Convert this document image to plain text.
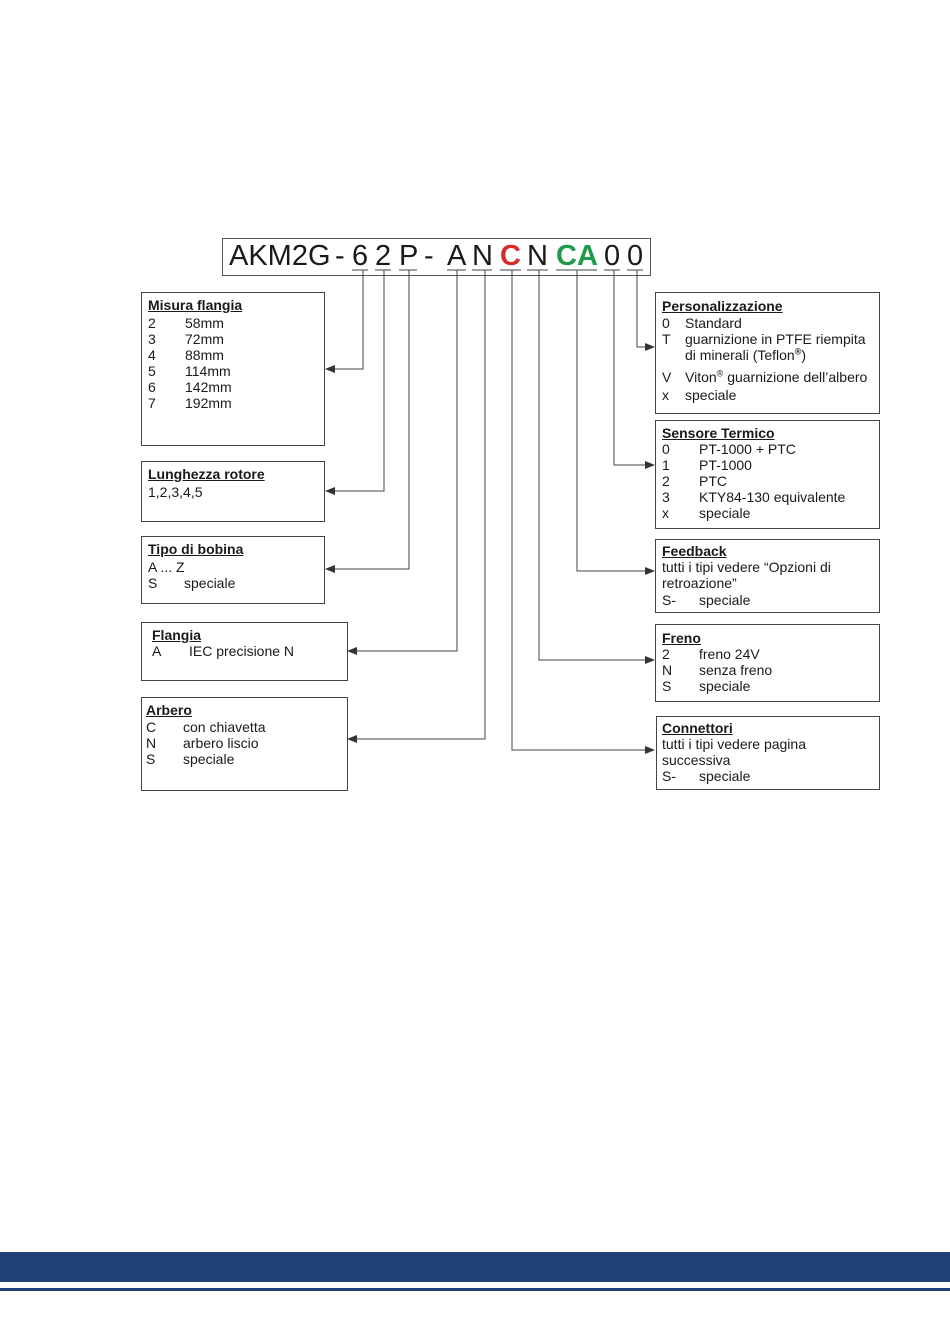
AKM2G - 6 2 P - A N C N CA 0 0
Misura flangia
2 58mm
3 72mm
4 88mm
5 114mm
6 142mm
7 192mm
Lunghezza rotore
1,2,3,4,5
Tipo di bobina
A ... Z
S speciale
Flangia
A IEC precisione N
Arbero
C con chiavetta
N arbero liscio
S speciale
Personalizzazione
0 Standard
T guarnizione in PTFE riempita
di minerali (Teflon®)
V Viton® guarnizione dell’albero
x speciale
Sensore Termico
0 PT-1000 + PTC
1 PT-1000
2 PTC
3 KTY84-130 equivalente
x speciale
Feedback
tutti i tipi vedere “Opzioni di
retroazione”
S- speciale
Freno
2 freno 24V
N senza freno
S speciale
Connettori
tutti i tipi vedere pagina
successiva
S- speciale
